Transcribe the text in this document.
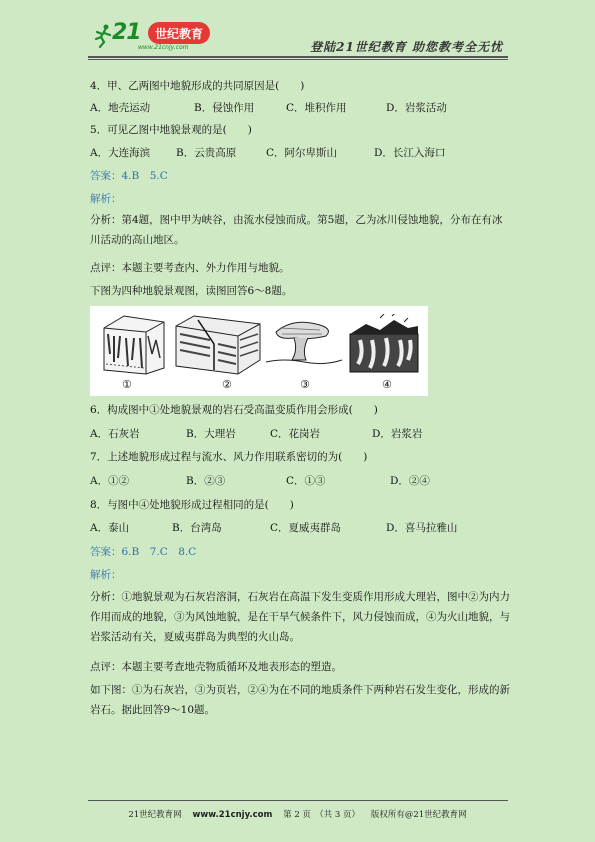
21	世纪教育
www.21cnjy.com	登陆21世纪教育 助您教考全无忧
4．甲、乙两图中地貌形成的共同原因是(　　)
A．地壳运动	B．侵蚀作用	C．堆积作用	D．岩浆活动
5．可见乙图中地貌景观的是(　　)
A．大连海滨 B．云贵高原	C．阿尔卑斯山	D．长江入海口
答案：4.B　5.C
解析：
分析：第4题，图中甲为峡谷，由流水侵蚀而成。第5题，乙为冰川侵蚀地貌，分布在有冰川活动的高山地区。
点评：本题主要考查内、外力作用与地貌。
下图为四种地貌景观图，读图回答6～8题。
①	②	③	④
6．构成图中①处地貌景观的岩石受高温变质作用会形成(　　)
A．石灰岩	B．大理岩	C．花岗岩	D．岩浆岩
7．上述地貌形成过程与流水、风力作用联系密切的为(　　)
A．①②	B．②③	C．①③	D．②④
8．与图中④处地貌形成过程相同的是(　　)
A．泰山	B．台湾岛	C．夏威夷群岛	D．喜马拉雅山
答案：6.B　7.C　8.C
解析：
分析：①地貌景观为石灰岩溶洞，石灰岩在高温下发生变质作用形成大理岩，图中②为内力作用而成的地貌，③为风蚀地貌，是在干旱气候条件下，风力侵蚀而成，④为火山地貌，与岩浆活动有关，夏威夷群岛为典型的火山岛。
点评：本题主要考查地壳物质循环及地表形态的塑造。
如下图：①为石灰岩，③为页岩，②④为在不同的地质条件下两种岩石发生变化，形成的新岩石。据此回答9～10题。
21世纪教育网 www.21cnjy.com 第 2 页　（共 3 页） 版权所有@21世纪教育网
